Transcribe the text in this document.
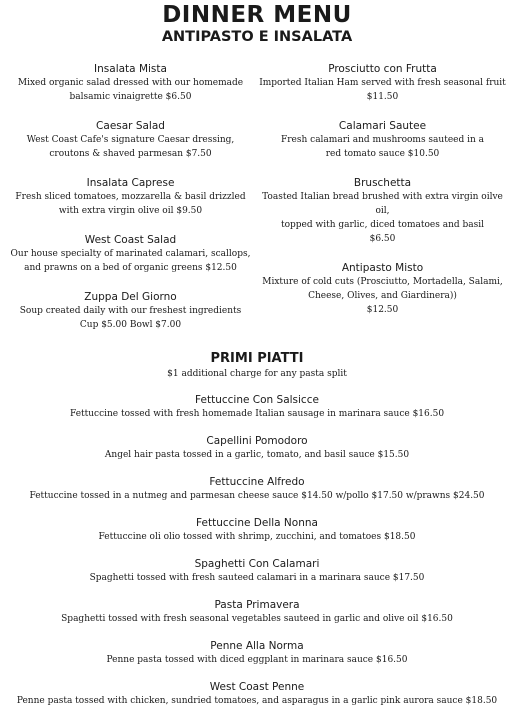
DINNER MENU
ANTIPASTO E INSALATA
Insalata Mista
Mixed organic salad dressed with our homemade
balsamic vinaigrette $6.50
Caesar Salad
West Coast Cafe's signature Caesar dressing,
croutons & shaved parmesan $7.50
Insalata Caprese
Fresh sliced tomatoes, mozzarella & basil drizzled
with extra virgin olive oil $9.50
West Coast Salad
Our house specialty of marinated calamari, scallops,
and prawns on a bed of organic greens $12.50
Zuppa Del Giorno
Soup created daily with our freshest ingredients
Cup $5.00 Bowl $7.00
Prosciutto con Frutta
Imported Italian Ham served with fresh seasonal fruit
$11.50
Calamari Sautee
Fresh calamari and mushrooms sauteed in a
red tomato sauce $10.50
Bruschetta
Toasted Italian bread brushed with extra virgin oilve oil,
topped with garlic, diced tomatoes and basil
$6.50
Antipasto Misto
Mixture of cold cuts (Prosciutto, Mortadella, Salami,
Cheese, Olives, and Giardinera))
$12.50
PRIMI PIATTI
$1 additional charge for any pasta split
Fettuccine Con Salsicce
Fettuccine tossed with fresh homemade Italian sausage in marinara sauce $16.50
Capellini Pomodoro
Angel hair pasta tossed in a garlic, tomato, and basil sauce $15.50
Fettuccine Alfredo
Fettuccine tossed in a nutmeg and parmesan cheese sauce $14.50 w/pollo $17.50 w/prawns $24.50
Fettuccine Della Nonna
Fettuccine oli olio tossed with shrimp, zucchini, and tomatoes $18.50
Spaghetti Con Calamari
Spaghetti tossed with fresh sauteed calamari in a marinara sauce $17.50
Pasta Primavera
Spaghetti tossed with fresh seasonal vegetables sauteed in garlic and olive oil $16.50
Penne Alla Norma
Penne pasta tossed with diced eggplant in marinara sauce $16.50
West Coast Penne
Penne pasta tossed with chicken, sundried tomatoes, and asparagus in a garlic pink aurora sauce $18.50
